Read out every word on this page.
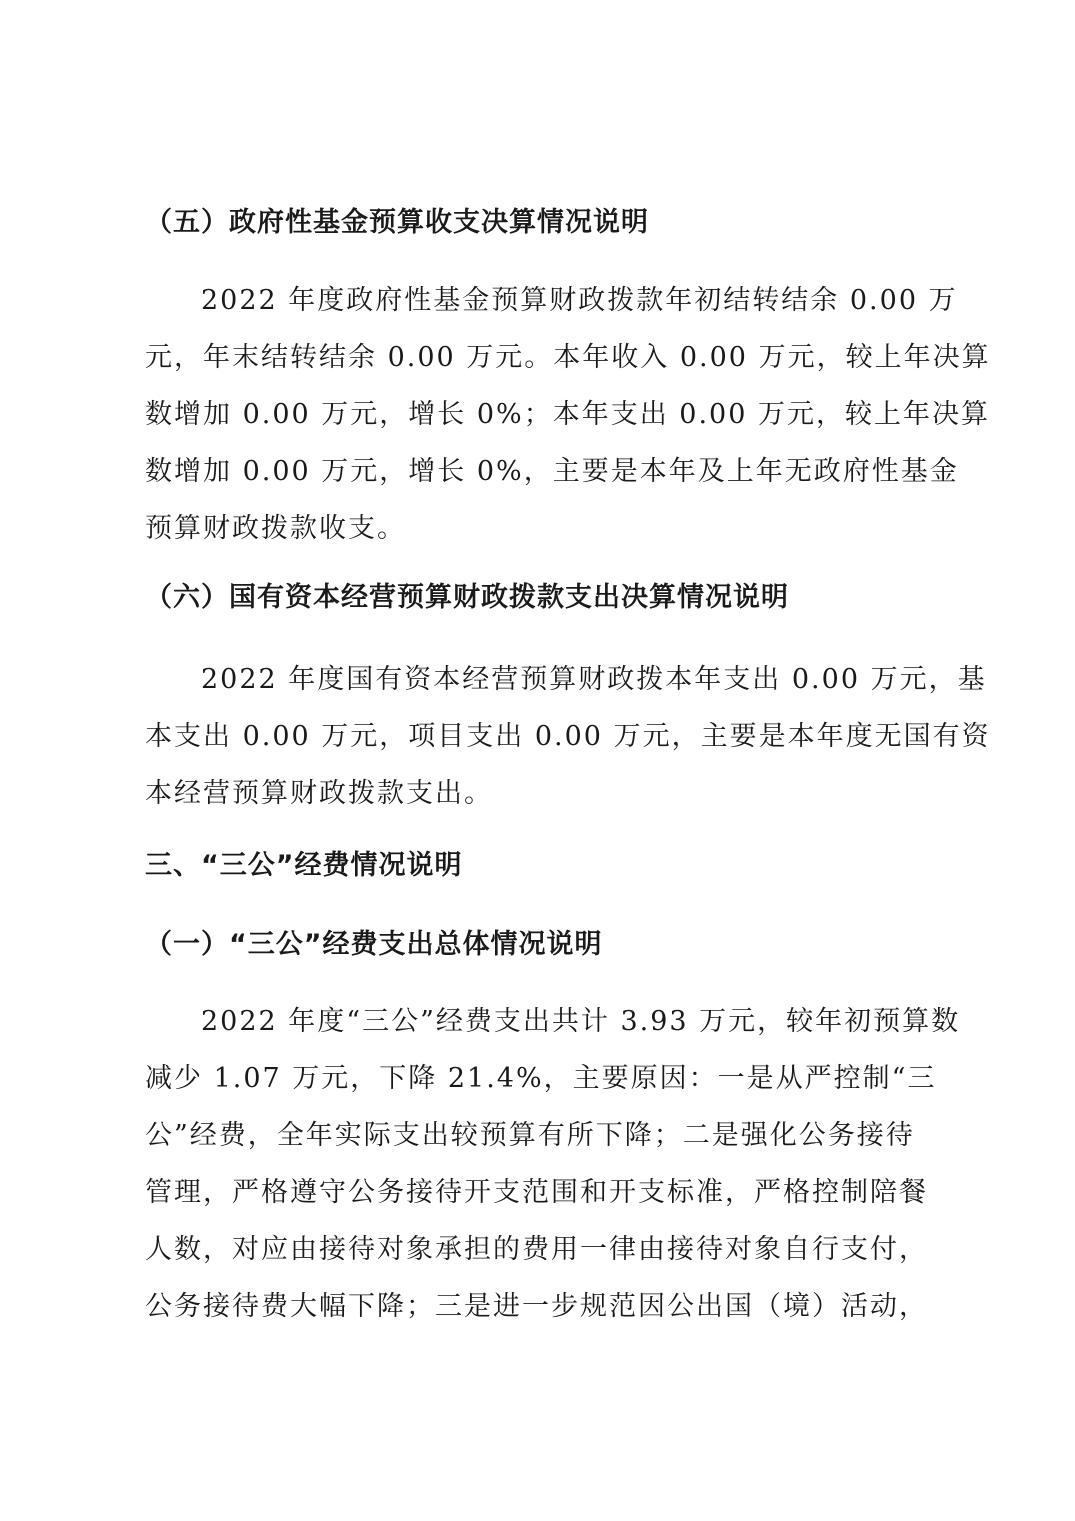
（五）政府性基金预算收支决算情况说明
2022 年度政府性基金预算财政拨款年初结转结余 0.00 万
元，年末结转结余 0.00 万元。本年收入 0.00 万元，较上年决算
数增加 0.00 万元，增长 0%；本年支出 0.00 万元，较上年决算
数增加 0.00 万元，增长 0%，主要是本年及上年无政府性基金
预算财政拨款收支。
（六）国有资本经营预算财政拨款支出决算情况说明
2022 年度国有资本经营预算财政拨本年支出 0.00 万元，基
本支出 0.00 万元，项目支出 0.00 万元，主要是本年度无国有资
本经营预算财政拨款支出。
三、“三公”经费情况说明
（一）“三公”经费支出总体情况说明
2022 年度“三公”经费支出共计 3.93 万元，较年初预算数
减少 1.07 万元，下降 21.4%，主要原因：一是从严控制“三
公”经费，全年实际支出较预算有所下降；二是强化公务接待
管理，严格遵守公务接待开支范围和开支标准，严格控制陪餐
人数，对应由接待对象承担的费用一律由接待对象自行支付，
公务接待费大幅下降；三是进一步规范因公出国（境）活动，
